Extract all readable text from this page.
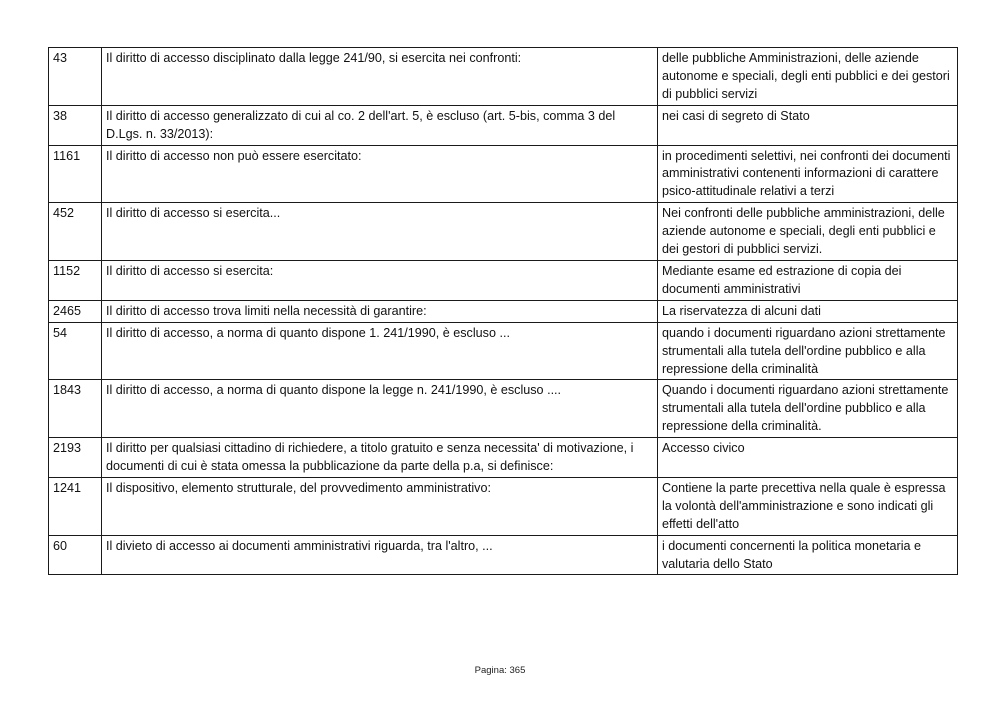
43	Il diritto di accesso disciplinato dalla legge 241/90, si esercita nei confronti:	delle pubbliche Amministrazioni, delle aziende autonome e speciali, degli enti pubblici e dei gestori di pubblici servizi
38	Il diritto di accesso generalizzato di cui al co. 2 dell'art. 5, è escluso (art. 5-bis, comma 3 del D.Lgs. n. 33/2013):	nei casi di segreto di Stato
1161	Il diritto di accesso non può essere esercitato:	in procedimenti selettivi, nei confronti dei documenti amministrativi contenenti informazioni di carattere psico-attitudinale relativi a terzi
452	Il diritto di accesso si esercita...	Nei confronti delle pubbliche amministrazioni, delle aziende autonome e speciali, degli enti pubblici e dei gestori di pubblici servizi.
1152	Il diritto di accesso si esercita:	Mediante esame ed estrazione di copia dei documenti amministrativi
2465	Il diritto di accesso trova limiti nella necessità di garantire:	La riservatezza di alcuni dati
54	Il diritto di accesso, a norma di quanto dispone 1. 241/1990, è escluso ...	quando i documenti riguardano azioni strettamente strumentali alla tutela dell'ordine pubblico e alla repressione della criminalità
1843	Il diritto di accesso, a norma di quanto dispone la legge n. 241/1990, è escluso ....	Quando i documenti riguardano azioni strettamente strumentali alla tutela dell'ordine pubblico e alla repressione della criminalità.
2193	Il diritto per qualsiasi cittadino di richiedere, a titolo gratuito e senza necessita' di motivazione, i documenti di cui è stata omessa la pubblicazione da parte della p.a, si definisce:	Accesso civico
1241	Il dispositivo, elemento strutturale, del provvedimento amministrativo:	Contiene la parte precettiva nella quale è espressa la volontà dell'amministrazione e sono indicati gli effetti dell'atto
60	Il divieto di accesso ai documenti amministrativi riguarda, tra l'altro, ...	i documenti concernenti la politica monetaria e valutaria dello Stato
Pagina: 365
